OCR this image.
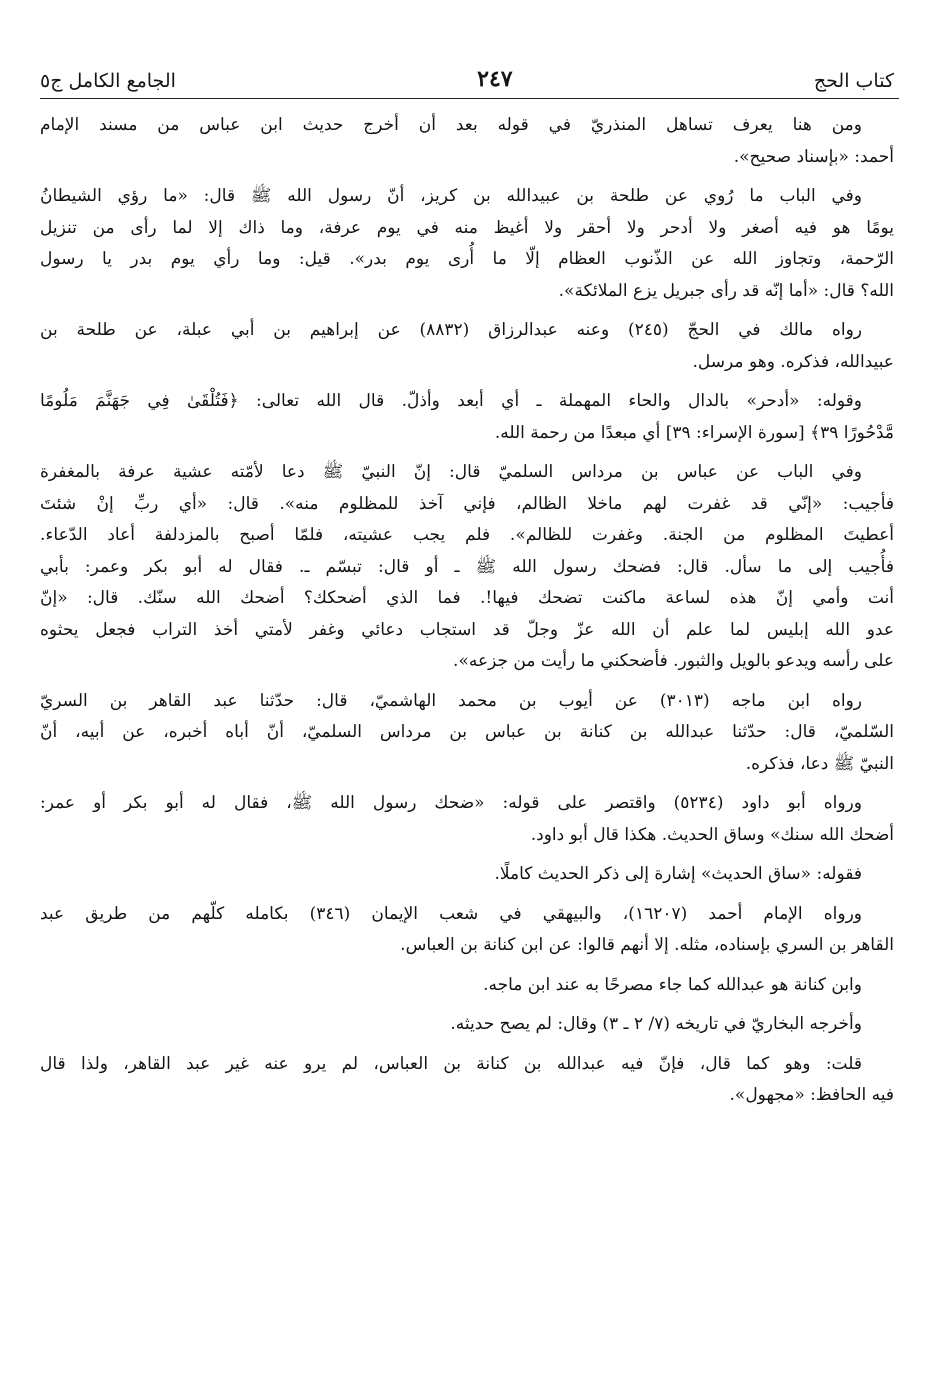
كتاب الحج
٢٤٧
الجامع الكامل ج٥
ومن هنا يعرف تساهل المنذريّ في قوله بعد أن أخرج حديث ابن عباس من مسند الإمام
أحمد: «بإسناد صحيح».
وفي الباب ما رُوي عن طلحة بن عبيدالله بن كريز، أنّ رسول الله ﷺ قال: «ما رؤي الشيطانُ
يومًا هو فيه أصغر ولا أدحر ولا أحقر ولا أغيظ منه في يوم عرفة، وما ذاك إلا لما رأى من تنزيل
الرّحمة، وتجاوز الله عن الذّنوب العظام إلّا ما أُرى يوم بدر». قيل: وما رأي يوم بدر يا رسول
الله؟ قال: «أما إنّه قد رأى جبريل يزع الملائكة».
رواه مالك في الحجّ (٢٤٥) وعنه عبدالرزاق (٨٨٣٢) عن إبراهيم بن أبي عبلة، عن طلحة بن
عبيدالله، فذكره. وهو مرسل.
وقوله: «أدحر» بالدال والحاء المهملة ـ أي أبعد وأذلّ. قال الله تعالى: ﴿فَتُلْقَىٰ فِي جَهَنَّمَ مَلُومًا
مَّدْحُورًا ٣٩﴾ [سورة الإسراء: ٣٩] أي مبعدًا من رحمة الله.
وفي الباب عن عباس بن مرداس السلميّ قال: إنّ النبيّ ﷺ دعا لأمّته عشية عرفة بالمغفرة
فأجيب: «إنّي قد غفرت لهم ماخلا الظالم، فإني آخذ للمظلوم منه». قال: «أي ربِّ إنْ شئتَ
أعطيتَ المظلوم من الجنة. وغفرت للظالم». فلم يجب عشيته، فلمّا أصبح بالمزدلفة أعاد الدّعاء.
فأُجيب إلى ما سأل. قال: فضحك رسول الله ﷺ ـ أو قال: تبسّم ـ. فقال له أبو بكر وعمر: بأبي
أنت وأمي إنّ هذه لساعة ماكنت تضحك فيها!. فما الذي أضحكك؟ أضحك الله سنّك. قال: «إنّ
عدو الله إبليس لما علم أن الله عزّ وجلّ قد استجاب دعائي وغفر لأمتي أخذ التراب فجعل يحثوه
على رأسه ويدعو بالويل والثبور. فأضحكني ما رأيت من جزعه».
رواه ابن ماجه (٣٠١٣) عن أيوب بن محمد الهاشميّ، قال: حدّثنا عبد القاهر بن السريّ
السّلميّ، قال: حدّثنا عبدالله بن كنانة بن عباس بن مرداس السلميّ، أنّ أباه أخبره، عن أبيه، أنّ
النبيّ ﷺ دعا، فذكره.
ورواه أبو داود (٥٢٣٤) واقتصر على قوله: «ضحك رسول الله ﷺ، فقال له أبو بكر أو عمر:
أضحك الله سنك» وساق الحديث. هكذا قال أبو داود.
فقوله: «ساق الحديث» إشارة إلى ذكر الحديث كاملًا.
ورواه الإمام أحمد (١٦٢٠٧)، والبيهقي في شعب الإيمان (٣٤٦) بكامله كلّهم من طريق عبد
القاهر بن السري بإسناده، مثله. إلا أنهم قالوا: عن ابن كنانة بن العباس.
وابن كنانة هو عبدالله كما جاء مصرحًا به عند ابن ماجه.
وأخرجه البخاريّ في تاريخه (٧/ ٢ ـ ٣) وقال: لم يصح حديثه.
قلت: وهو كما قال، فإنّ فيه عبدالله بن كنانة بن العباس، لم يرو عنه غير عبد القاهر، ولذا قال
فيه الحافظ: «مجهول».
